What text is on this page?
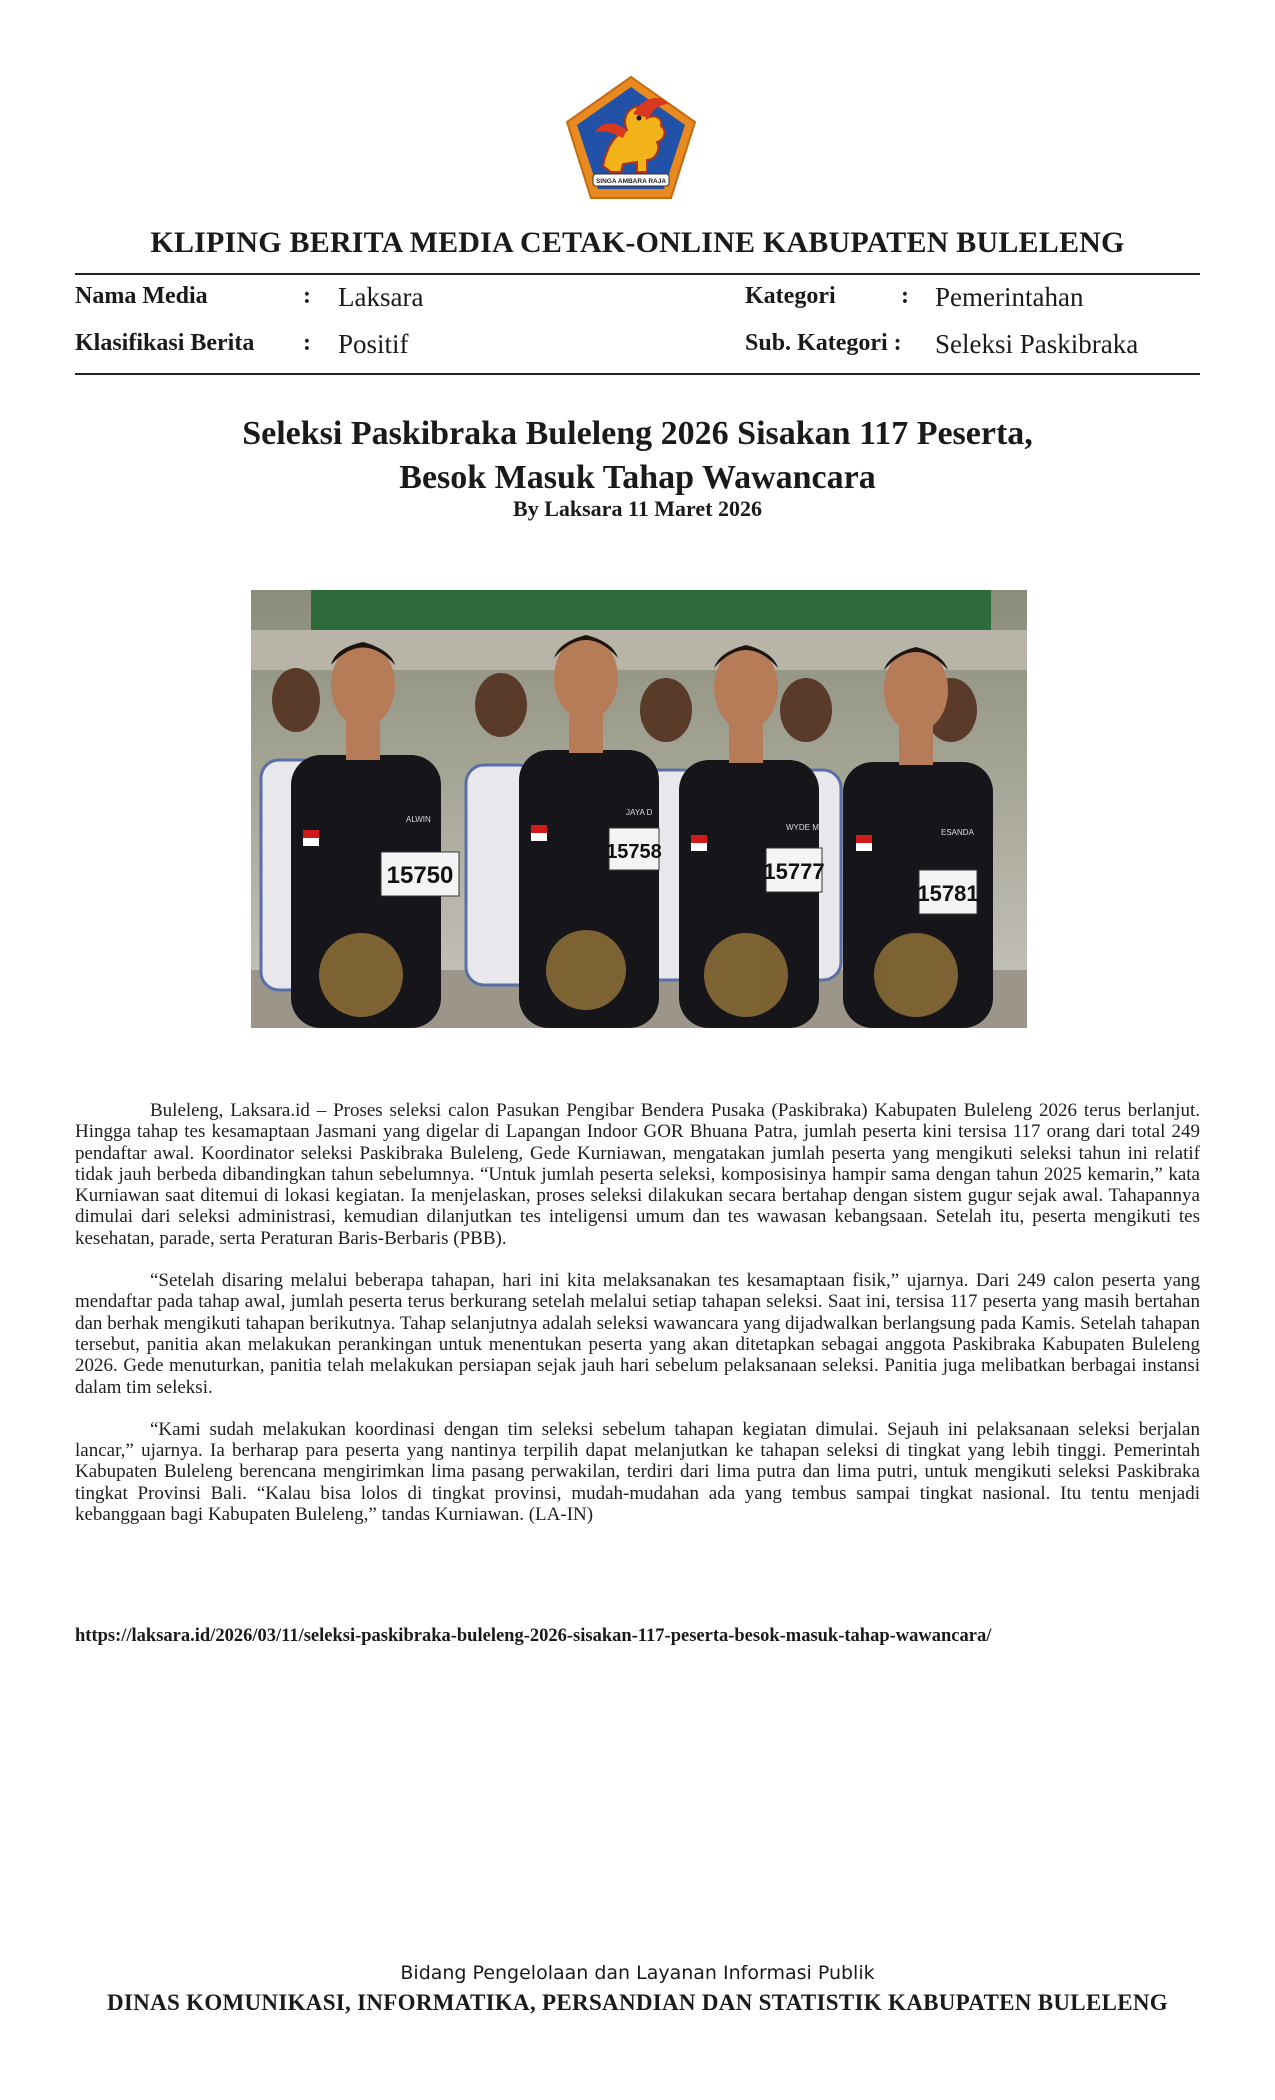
SINGA AMBARA RAJA
KLIPING BERITA MEDIA CETAK-ONLINE KABUPATEN BULELENG
Nama Media	: Laksara
Klasifikasi Berita : Positif
Kategori	: Pemerintahan
Sub. Kategori : Seleksi Paskibraka
Seleksi Paskibraka Buleleng 2026 Sisakan 117 Peserta,
Besok Masuk Tahap Wawancara
By Laksara 11 Maret 2026
15750
15758
15777
15781
ALWIN
JAYA D
WYDE M
ESANDA

Buleleng, Laksara.id – Proses seleksi calon Pasukan Pengibar Bendera Pusaka (Paskibraka) Kabupaten Buleleng 2026 terus berlanjut. Hingga tahap tes kesamaptaan Jasmani yang digelar di Lapangan Indoor GOR Bhuana Patra, jumlah peserta kini tersisa 117 orang dari total 249 pendaftar awal. Koordinator seleksi Paskibraka Buleleng, Gede Kurniawan, mengatakan jumlah peserta yang mengikuti seleksi tahun ini relatif tidak jauh berbeda dibandingkan tahun sebelumnya. “Untuk jumlah peserta seleksi, komposisinya hampir sama dengan tahun 2025 kemarin,” kata Kurniawan saat ditemui di lokasi kegiatan. Ia menjelaskan, proses seleksi dilakukan secara bertahap dengan sistem gugur sejak awal. Tahapannya dimulai dari seleksi administrasi, kemudian dilanjutkan tes inteligensi umum dan tes wawasan kebangsaan. Setelah itu, peserta mengikuti tes kesehatan, parade, serta Peraturan Baris-Berbaris (PBB).

“Setelah disaring melalui beberapa tahapan, hari ini kita melaksanakan tes kesamaptaan fisik,” ujarnya. Dari 249 calon peserta yang mendaftar pada tahap awal, jumlah peserta terus berkurang setelah melalui setiap tahapan seleksi. Saat ini, tersisa 117 peserta yang masih bertahan dan berhak mengikuti tahapan berikutnya. Tahap selanjutnya adalah seleksi wawancara yang dijadwalkan berlangsung pada Kamis. Setelah tahapan tersebut, panitia akan melakukan perankingan untuk menentukan peserta yang akan ditetapkan sebagai anggota Paskibraka Kabupaten Buleleng 2026. Gede menuturkan, panitia telah melakukan persiapan sejak jauh hari sebelum pelaksanaan seleksi. Panitia juga melibatkan berbagai instansi dalam tim seleksi.

“Kami sudah melakukan koordinasi dengan tim seleksi sebelum tahapan kegiatan dimulai. Sejauh ini pelaksanaan seleksi berjalan lancar,” ujarnya. Ia berharap para peserta yang nantinya terpilih dapat melanjutkan ke tahapan seleksi di tingkat yang lebih tinggi. Pemerintah Kabupaten Buleleng berencana mengirimkan lima pasang perwakilan, terdiri dari lima putra dan lima putri, untuk mengikuti seleksi Paskibraka tingkat Provinsi Bali. “Kalau bisa lolos di tingkat provinsi, mudah-mudahan ada yang tembus sampai tingkat nasional. Itu tentu menjadi kebanggaan bagi Kabupaten Buleleng,” tandas Kurniawan. (LA-IN)

https://laksara.id/2026/03/11/seleksi-paskibraka-buleleng-2026-sisakan-117-peserta-besok-masuk-tahap-wawancara/
Bidang Pengelolaan dan Layanan Informasi Publik
DINAS KOMUNIKASI, INFORMATIKA, PERSANDIAN DAN STATISTIK KABUPATEN BULELENG
